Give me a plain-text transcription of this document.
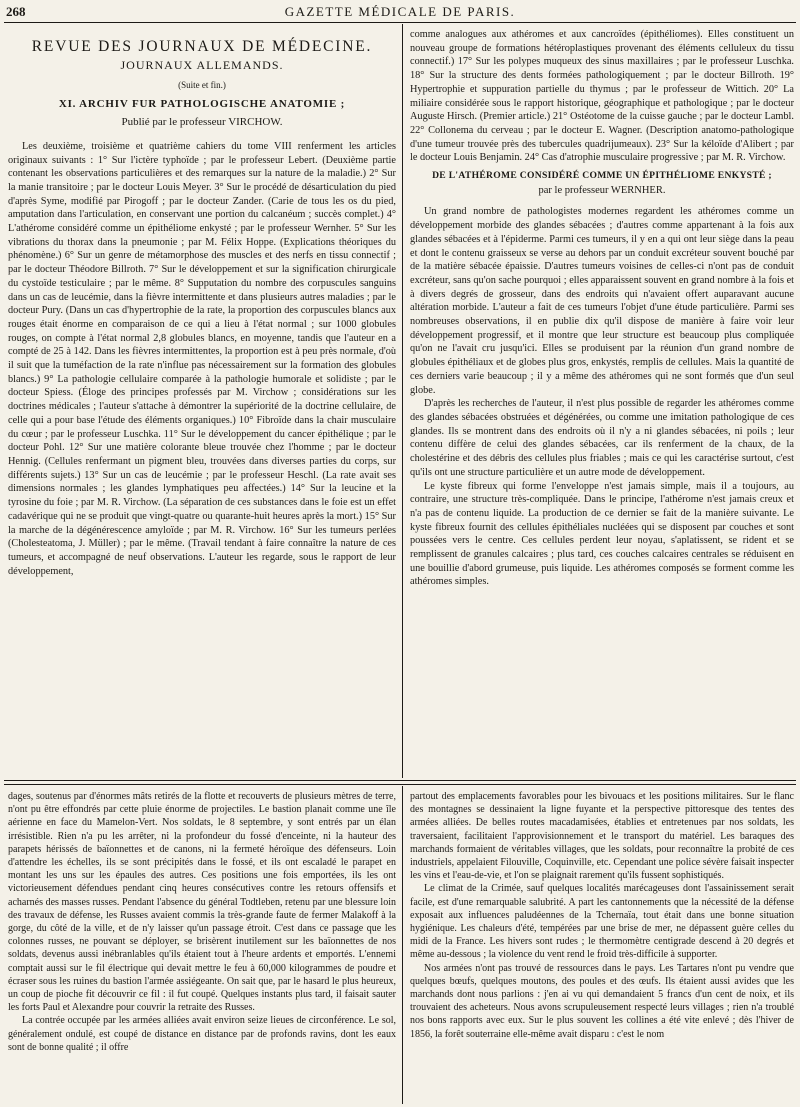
268	GAZETTE MÉDICALE DE PARIS.
REVUE DES JOURNAUX DE MÉDECINE.
JOURNAUX ALLEMANDS.
(Suite et fin.)
XI. ARCHIV FUR PATHOLOGISCHE ANATOMIE ;
Publié par le professeur VIRCHOW.

Les deuxième, troisième et quatrième cahiers du tome VIII renferment les articles originaux suivants : 1° Sur l'ictère typhoïde ; par le professeur Lebert. (Deuxième partie contenant les observations particulières et des remarques sur la nature de la maladie.) 2° Sur la manie transitoire ; par le docteur Louis Meyer. 3° Sur le procédé de désarticulation du pied d'après Syme, modifié par Pirogoff ; par le docteur Zander. (Carie de tous les os du pied, amputation dans l'articulation, en conservant une portion du calcanéum ; succès complet.) 4° L'athérome considéré comme un épithéliome enkysté ; par le professeur Wernher. 5° Sur les vibrations du thorax dans la pneumonie ; par M. Félix Hoppe. (Explications théoriques du phénomène.) 6° Sur un genre de métamorphose des muscles et des nerfs en tissu connectif ; par le docteur Théodore Billroth. 7° Sur le développement et sur la signification chirurgicale du cystoïde testiculaire ; par le même. 8° Supputation du nombre des corpuscules sanguins dans un cas de leucémie, dans la fièvre intermittente et dans plusieurs autres maladies ; par le docteur Pury. (Dans un cas d'hypertrophie de la rate, la proportion des corpuscules blancs aux rouges était énorme en comparaison de ce qui a lieu à l'état normal ; sur 1000 globules rouges, on compte à l'état normal 2,8 globules blancs, en moyenne, tandis que l'auteur en a compté de 25 à 142. Dans les fièvres intermittentes, la proportion est à peu près normale, d'où il suit que la tuméfaction de la rate n'influe pas nécessairement sur la formation des globules blancs.) 9° La pathologie cellulaire comparée à la pathologie humorale et solidiste ; par le docteur Spiess. (Éloge des principes professés par M. Virchow ; considérations sur les doctrines médicales ; l'auteur s'attache à démontrer la supériorité de la doctrine cellulaire, de celle qui a pour base l'étude des éléments organiques.) 10° Fibroïde dans la chair musculaire du cœur ; par le professeur Luschka. 11° Sur le développement du cancer épithélique ; par le docteur Pohl. 12° Sur une matière colorante bleue trouvée chez l'homme ; par le docteur Hennig. (Cellules renfermant un pigment bleu, trouvées dans diverses parties du corps, sur différents sujets.) 13° Sur un cas de leucémie ; par le professeur Heschl. (La rate avait ses dimensions normales ; les glandes lymphatiques peu affectées.) 14° Sur la leucine et la tyrosine du foie ; par M. R. Virchow. (La séparation de ces substances dans le foie est un effet cadavérique qui ne se produit que vingt-quatre ou quarante-huit heures après la mort.) 15° Sur la marche de la dégénérescence amyloïde ; par M. R. Virchow. 16° Sur les tumeurs perlées (Cholesteatoma, J. Müller) ; par le même. (Travail tendant à faire connaître la nature de ces tumeurs, et accompagné de neuf observations. L'auteur les regarde, sous le rapport de leur développement,

comme analogues aux athéromes et aux cancroïdes (épithéliomes). Elles constituent un nouveau groupe de formations hétéroplastiques provenant des éléments celluleux du tissu connectif.) 17° Sur les polypes muqueux des sinus maxillaires ; par le professeur Luschka. 18° Sur la structure des dents formées pathologiquement ; par le docteur Billroth. 19° Hypertrophie et suppuration partielle du thymus ; par le professeur de Wittich. 20° La miliaire considérée sous le rapport historique, géographique et pathologique ; par le docteur Auguste Hirsch. (Premier article.) 21° Ostéotome de la cuisse gauche ; par le docteur Lambl. 22° Collonema du cerveau ; par le docteur E. Wagner. (Description anatomo-pathologique d'une tumeur trouvée près des tubercules quadrijumeaux). 23° Sur la kéloïde d'Alibert ; par le docteur Louis Benjamin. 24° Cas d'atrophie musculaire progressive ; par M. R. Virchow.

DE L'ATHÉROME CONSIDÉRÉ COMME UN ÉPITHÉLIOME ENKYSTÉ ;
par le professeur WERNHER.

Un grand nombre de pathologistes modernes regardent les athéromes comme un développement morbide des glandes sébacées ; d'autres comme appartenant à la fois aux glandes sébacées et à l'épiderme. Parmi ces tumeurs, il y en a qui ont leur siège dans la peau et dont le contenu graisseux se verse au dehors par un conduit excréteur souvent bouché par de la matière sébacée épaissie. D'autres tumeurs voisines de celles-ci n'ont pas de conduit excréteur, sans qu'on sache pourquoi ; elles apparaissent souvent en grand nombre à la fois et à divers degrés de grosseur, dans des endroits qui n'avaient offert auparavant aucune altération morbide. L'auteur a fait de ces tumeurs l'objet d'une étude particulière. Parmi ses nombreuses observations, il en publie dix qu'il dispose de manière à faire voir leur développement progressif, et il montre que leur structure est beaucoup plus compliquée qu'on ne l'avait cru jusqu'ici. Elles se produisent par la réunion d'un grand nombre de globules épithéliaux et de globes plus gros, enkystés, remplis de cellules. Mais la quantité de ces derniers varie beaucoup ; il y a même des athéromes qui ne sont formés que d'un seul globe.

D'après les recherches de l'auteur, il n'est plus possible de regarder les athéromes comme des glandes sébacées obstruées et dégénérées, ou comme une imitation pathologique de ces glandes. Ils se montrent dans des endroits où il n'y a ni glandes sébacées, ni poils ; leur contenu diffère de celui des glandes sébacées, car ils renferment de la chaux, de la cholestérine et des débris des cellules plus friables ; mais ce qui les caractérise surtout, c'est qu'ils ont une structure particulière et un autre mode de développement.

Le kyste fibreux qui forme l'enveloppe n'est jamais simple, mais il a toujours, au contraire, une structure très-compliquée. Dans le principe, l'athérome n'est jamais creux et n'a pas de contenu liquide. La production de ce dernier se fait de la manière suivante. Le kyste fibreux fournit des cellules épithéliales nucléées qui se disposent par couches et sont poussées vers le centre. Ces cellules perdent leur noyau, s'aplatissent, se rident et se remplissent de granules calcaires ; plus tard, ces couches calcaires centrales se réduisent en une bouillie d'abord grumeuse, puis liquide. Les athéromes composés se forment comme les athéromes simples.

dages, soutenus par d'énormes mâts retirés de la flotte et recouverts de plusieurs mètres de terre, n'ont pu être effondrés par cette pluie énorme de projectiles. Le bastion planait comme une île aérienne en face du Mamelon-Vert. Nos soldats, le 8 septembre, y sont entrés par un élan irrésistible. Rien n'a pu les arrêter, ni la profondeur du fossé d'enceinte, ni la hauteur des parapets hérissés de baïonnettes et de canons, ni la fermeté héroïque des défenseurs. Loin d'attendre les échelles, ils se sont précipités dans le fossé, et ils ont escaladé le parapet en montant les uns sur les épaules des autres. Ces positions une fois emportées, ils les ont victorieusement défendues pendant cinq heures consécutives contre les retours offensifs et acharnés des masses russes. Pendant l'absence du général Todtleben, retenu par une blessure loin des travaux de défense, les Russes avaient commis la très-grande faute de fermer Malakoff à la gorge, du côté de la ville, et de n'y laisser qu'un passage étroit. C'est dans ce passage que les colonnes russes, ne pouvant se déployer, se brisèrent inutilement sur les baïonnettes de nos soldats, devenus aussi inébranlables qu'ils étaient tout à l'heure ardents et emportés. L'ennemi comptait aussi sur le fil électrique qui devait mettre le feu à 60,000 kilogrammes de poudre et écraser sous les ruines du bastion l'armée assiégeante. On sait que, par le hasard le plus heureux, un coup de pioche fit découvrir ce fil : il fut coupé. Quelques instants plus tard, il faisait sauter les forts Paul et Alexandre pour couvrir la retraite des Russes.

La contrée occupée par les armées alliées avait environ seize lieues de circonférence. Le sol, généralement ondulé, est coupé de distance en distance par de profonds ravins, dont les eaux sont de bonne qualité ; il offre

partout des emplacements favorables pour les bivouacs et les positions militaires. Sur le flanc des montagnes se dessinaient la ligne fuyante et la perspective pittoresque des tentes des armées alliées. De belles routes macadamisées, établies et entretenues par nos soldats, les traversaient, facilitaient l'approvisionnement et le transport du matériel. Les baraques des marchands formaient de véritables villages, que les soldats, pour reconnaître la probité de ces industriels, appelaient Filouville, Coquinville, etc. Cependant une police sévère faisait inspecter les vins et l'eau-de-vie, et l'on se plaignait rarement qu'ils fussent sophistiqués.

Le climat de la Crimée, sauf quelques localités marécageuses dont l'assainissement serait facile, est d'une remarquable salubrité. A part les cantonnements que la nécessité de la défense exposait aux influences paludéennes de la Tchernaïa, tout était dans une bonne situation hygiénique. Les chaleurs d'été, tempérées par une brise de mer, ne dépassent guère celles du midi de la France. Les hivers sont rudes ; le thermomètre centigrade descend à 20 degrés et même au-dessous ; la violence du vent rend le froid très-difficile à supporter.

Nos armées n'ont pas trouvé de ressources dans le pays. Les Tartares n'ont pu vendre que quelques bœufs, quelques moutons, des poules et des œufs. Ils étaient aussi avides que les marchands dont nous parlions : j'en ai vu qui demandaient 5 francs d'un cent de noix, et ils trouvaient des acheteurs. Nous avons scrupuleusement respecté leurs villages ; rien n'a troublé nos bons rapports avec eux. Sur le plus souvent les collines a été vite enlevé ; dès l'hiver de 1856, la forêt souterraine elle-même avait disparu : c'est le nom
